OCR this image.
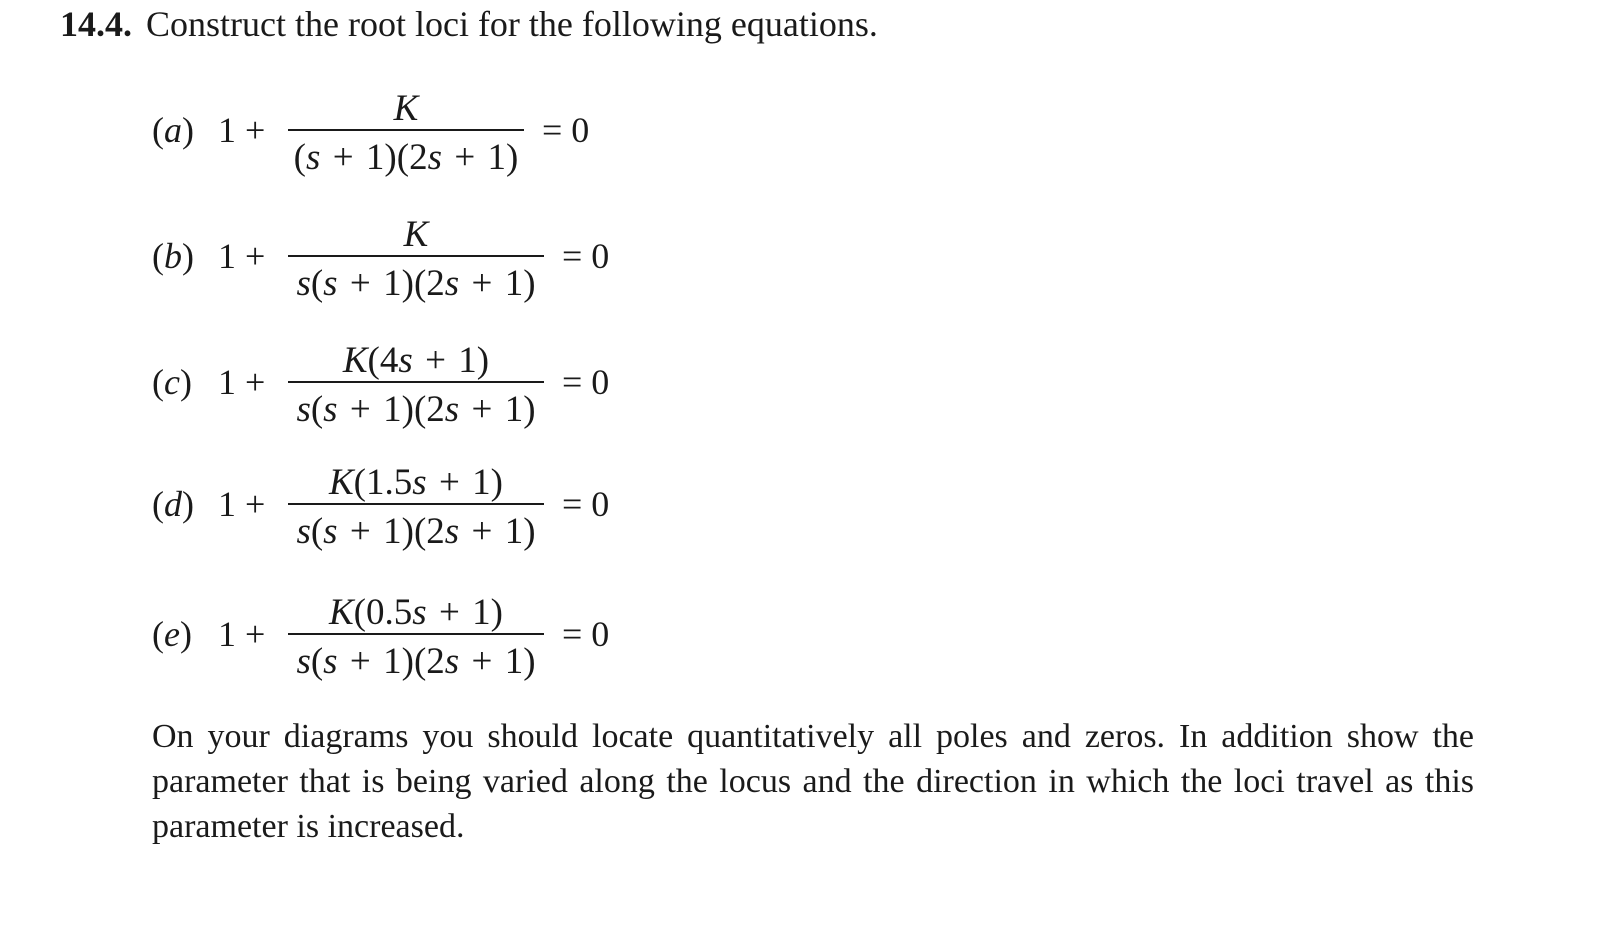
14.4. Construct the root loci for the following equations.
(a) 1 +
K
(s  +  1)(2s  +  1)
= 0
(b) 1 +
K
s(s  +  1)(2s  +  1)
= 0
(c) 1 +
K(4s  +  1)
s(s  +  1)(2s  +  1)
= 0
(d) 1 +
K(1.5s  +  1)
s(s  +  1)(2s  +  1)
= 0
(e) 1 +
K(0.5s  +  1)
s(s  +  1)(2s  +  1)
= 0

On your diagrams you should locate quantitatively all poles and zeros. In addition show the parameter that is being varied along the locus and the direction in which the loci travel as this parameter is increased.
